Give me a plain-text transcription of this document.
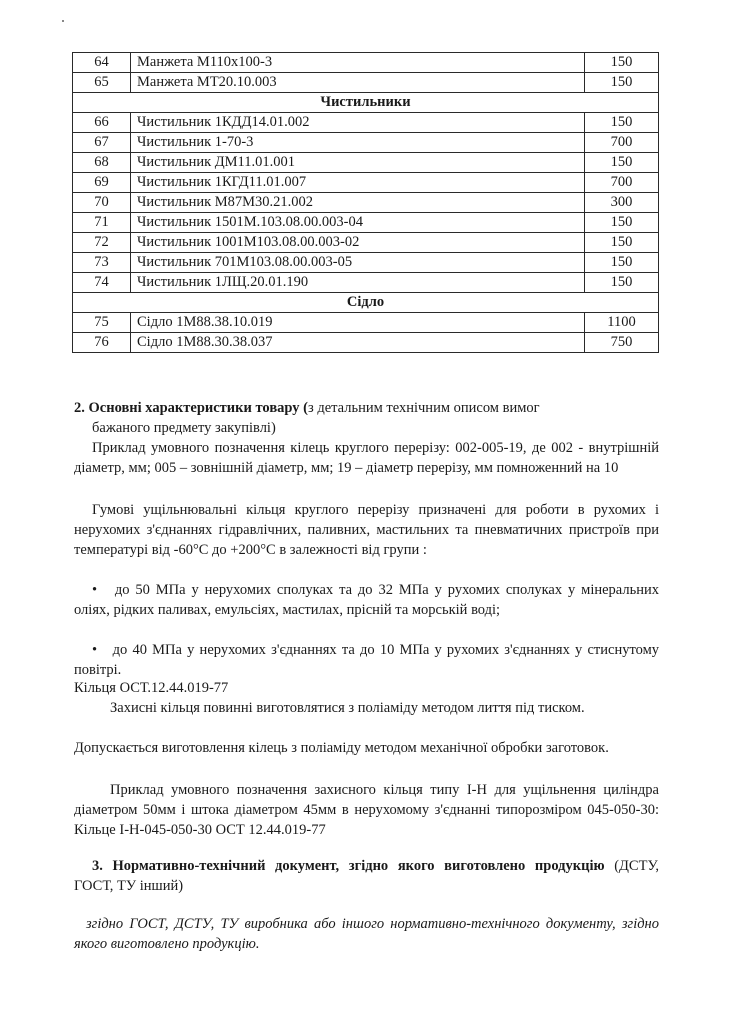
64	Манжета М110х100-3	150
65	Манжета МТ20.10.003	150
Чистильники		
66	Чистильник 1КДД14.01.002	150
67	Чистильник 1-70-3	700
68	Чистильник ДМ11.01.001	150
69	Чистильник 1КГД11.01.007	700
70	Чистильник М87М30.21.002	300
71	Чистильник 1501М.103.08.00.003-04	150
72	Чистильник 1001М103.08.00.003-02	150
73	Чистильник 701М103.08.00.003-05	150
74	Чистильник 1ЛЩ.20.01.190	150
Сідло		
75	Сідло 1М88.38.10.019	1100
76	Сідло 1М88.30.38.037	750
2. Основні характеристики товару (з детальним технічним описом вимог
бажаного предмету закупівлі)
Приклад умовного позначення кілець круглого перерізу: 002-005-19, де 002 - внутрішній діаметр, мм; 005 – зовнішній діаметр, мм; 19 – діаметр перерізу, мм помноженний на 10
Гумові ущільнювальні кільця круглого перерізу призначені для роботи в рухомих і нерухомих з'єднаннях гідравлічних, паливних, мастильних та пневматичних пристроїв при температурі від -60°C до +200°C в залежності від групи :
•   до 50 МПа у нерухомих сполуках та до 32 МПа у рухомих сполуках у мінеральних оліях, рідких паливах, емульсіях, мастилах, прісній та морській воді;
•   до 40 МПа у нерухомих з'єднаннях та до 10 МПа у рухомих з'єднаннях у стиснутому повітрі.
Кільця ОСТ.12.44.019-77
Захисні кільця повинні виготовлятися з поліаміду методом лиття під тиском.
Допускається виготовлення кілець з поліаміду методом механічної обробки заготовок.
Приклад умовного позначення захисного кільця типу І-Н для ущільнення циліндра діаметром 50мм і штока діаметром 45мм в нерухомому з'єднанні типорозміром 045-050-30: Кільце І-Н-045-050-30 ОСТ 12.44.019-77
3. Нормативно-технічний документ, згідно якого виготовлено продукцію (ДСТУ, ГОСТ, ТУ інший)
згідно ГОСТ, ДСТУ, ТУ виробника або іншого нормативно-технічного документу, згідно якого виготовлено продукцію.
